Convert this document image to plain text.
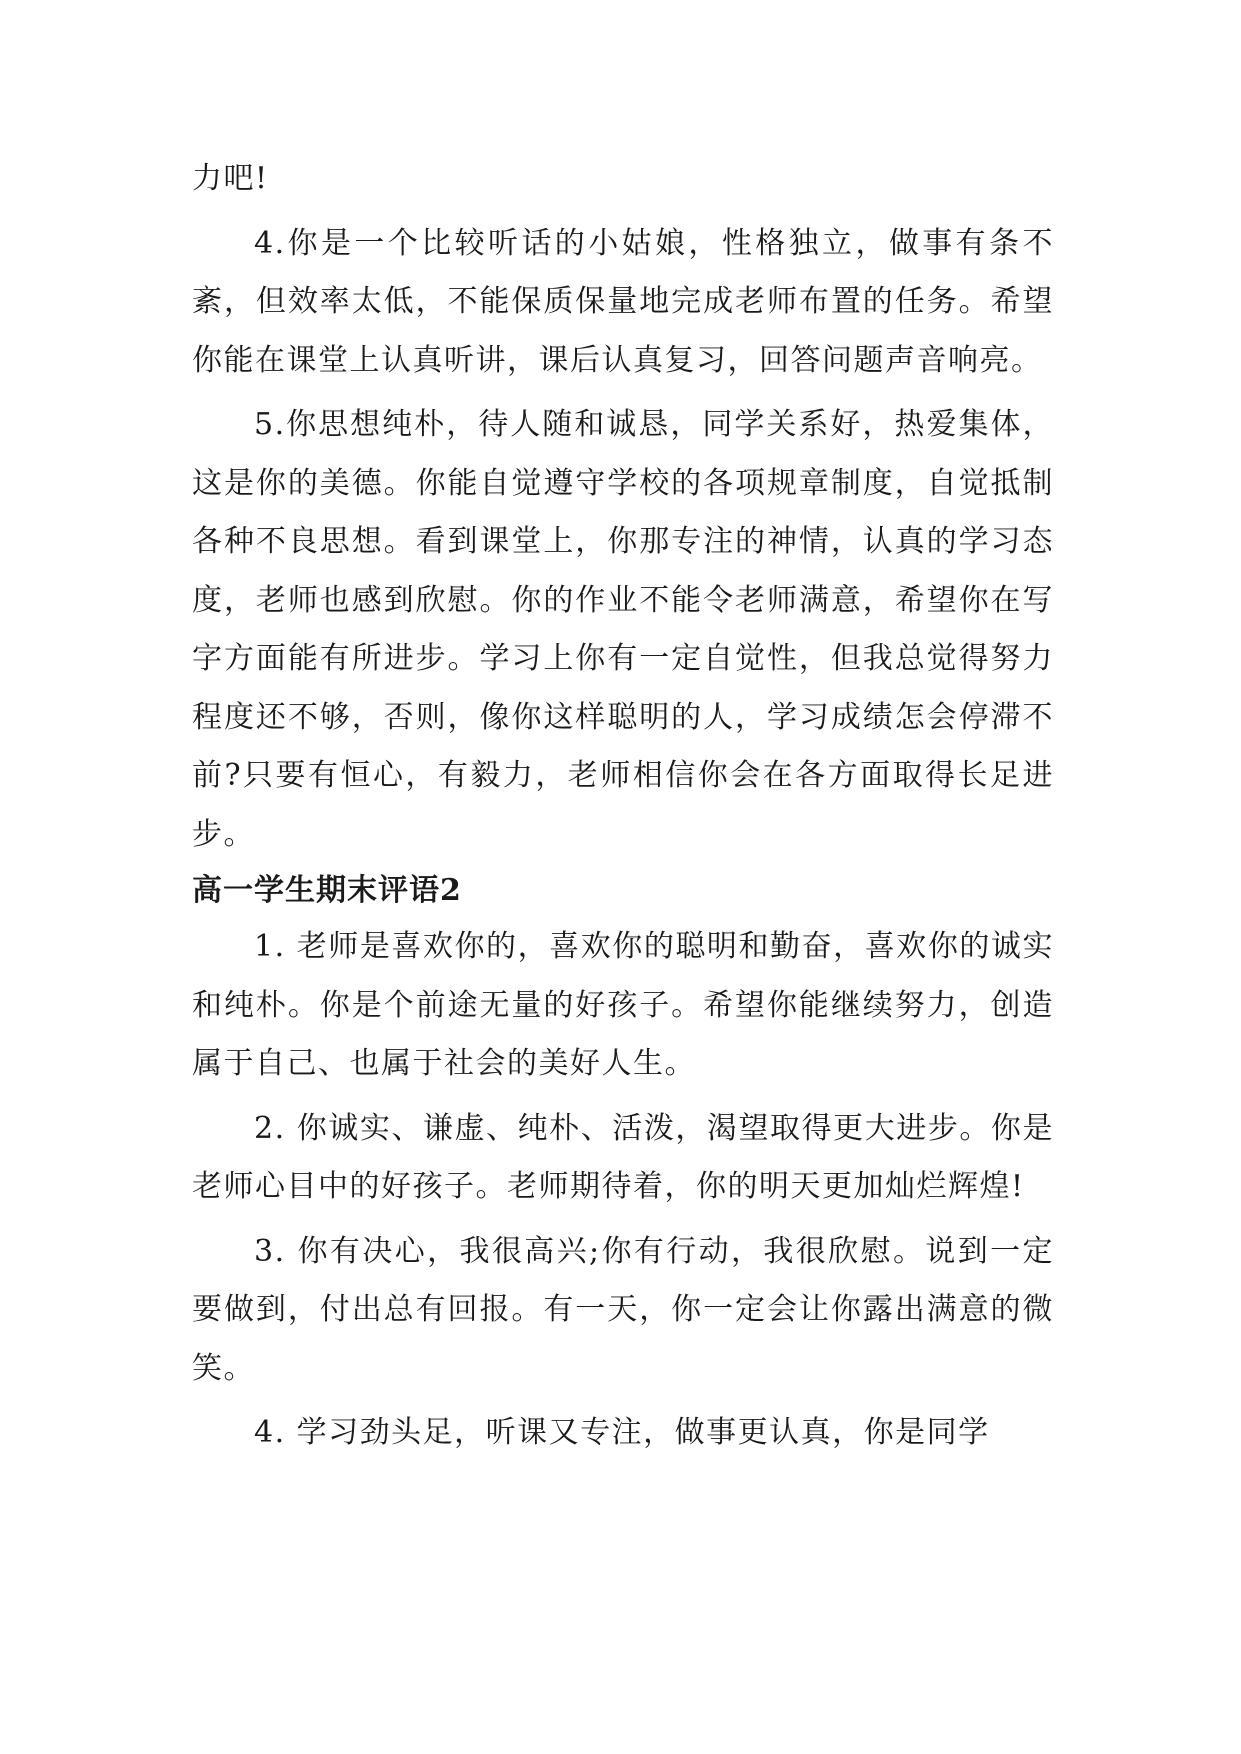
力吧!

4.你是一个比较听话的小姑娘，性格独立，做事有条不紊，但效率太低，不能保质保量地完成老师布置的任务。希望你能在课堂上认真听讲，课后认真复习，回答问题声音响亮。

5.你思想纯朴，待人随和诚恳，同学关系好，热爱集体，这是你的美德。你能自觉遵守学校的各项规章制度，自觉抵制各种不良思想。看到课堂上，你那专注的神情，认真的学习态度，老师也感到欣慰。你的作业不能令老师满意，希望你在写字方面能有所进步。学习上你有一定自觉性，但我总觉得努力程度还不够，否则，像你这样聪明的人，学习成绩怎会停滞不前?只要有恒心，有毅力，老师相信你会在各方面取得长足进步。

高一学生期末评语2

1. 老师是喜欢你的，喜欢你的聪明和勤奋，喜欢你的诚实和纯朴。你是个前途无量的好孩子。希望你能继续努力，创造属于自己、也属于社会的美好人生。

2. 你诚实、谦虚、纯朴、活泼，渴望取得更大进步。你是老师心目中的好孩子。老师期待着，你的明天更加灿烂辉煌!

3. 你有决心，我很高兴;你有行动，我很欣慰。说到一定要做到，付出总有回报。有一天，你一定会让你露出满意的微笑。

4. 学习劲头足，听课又专注，做事更认真，你是同学
